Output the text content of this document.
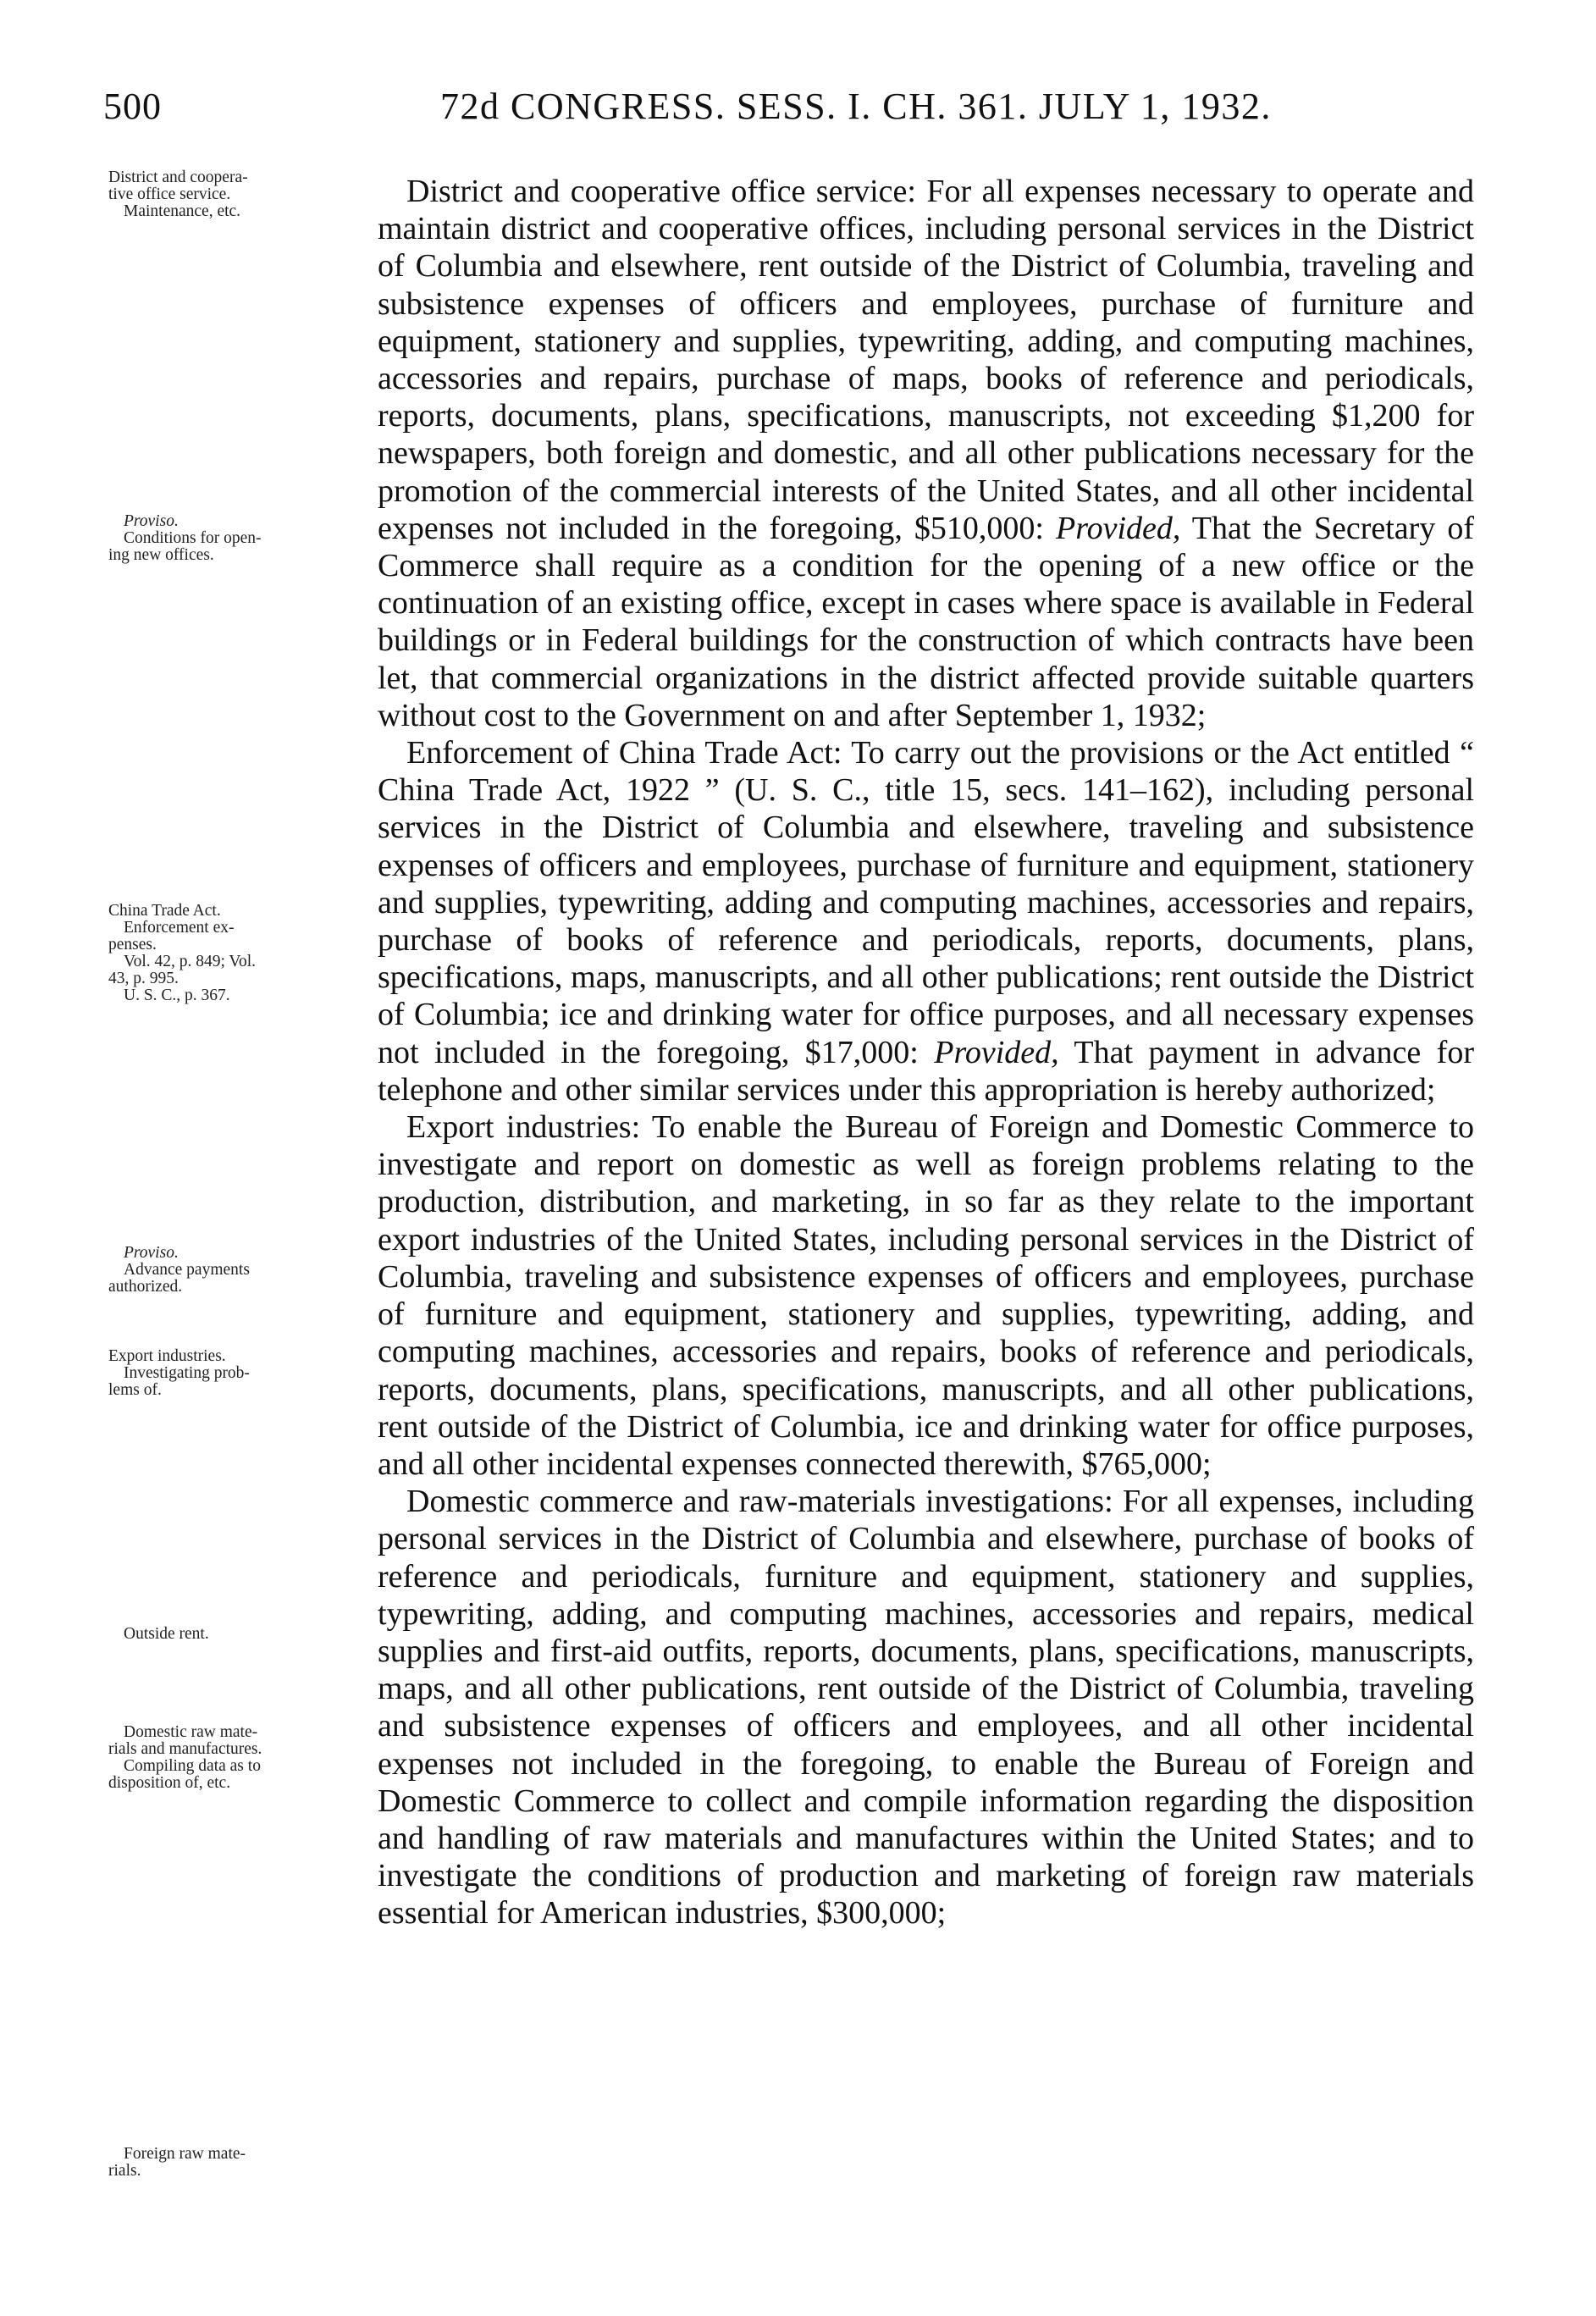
500	72d CONGRESS. SESS. I. CH. 361. JULY 1, 1932.
District and coopera-
tive office service.
Maintenance, etc.
Proviso.
Conditions for open-
ing new offices.
China Trade Act.
Enforcement ex-
penses.
Vol. 42, p. 849; Vol.
43, p. 995.
U. S. C., p. 367.
Proviso.
Advance payments
authorized.
Export industries.
Investigating prob-
lems of.
Outside rent.
Domestic raw mate-
rials and manufactures.
Compiling data as to
disposition of, etc.
Foreign raw mate-
rials.

District and cooperative office service: For all expenses necessary to operate and maintain district and cooperative offices, including personal services in the District of Columbia and elsewhere, rent outside of the District of Columbia, traveling and subsistence expenses of officers and employees, purchase of furniture and equipment, stationery and supplies, typewriting, adding, and computing machines, accessories and repairs, purchase of maps, books of reference and periodicals, reports, documents, plans, specifications, manuscripts, not exceeding $1,200 for newspapers, both foreign and domestic, and all other publications necessary for the promotion of the commercial interests of the United States, and all other incidental expenses not included in the foregoing, $510,000: Provided, That the Secretary of Commerce shall require as a condition for the opening of a new office or the continuation of an existing office, except in cases where space is available in Federal buildings or in Federal buildings for the construction of which contracts have been let, that commercial organizations in the district affected provide suitable quarters without cost to the Government on and after September 1, 1932;

Enforcement of China Trade Act: To carry out the provisions or the Act entitled “ China Trade Act, 1922 ” (U. S. C., title 15, secs. 141–162), including personal services in the District of Columbia and elsewhere, traveling and subsistence expenses of officers and employees, purchase of furniture and equipment, stationery and supplies, typewriting, adding and computing machines, accessories and repairs, purchase of books of reference and periodicals, reports, documents, plans, specifications, maps, manuscripts, and all other publications; rent outside the District of Columbia; ice and drinking water for office purposes, and all necessary expenses not included in the foregoing, $17,000: Provided, That payment in advance for telephone and other similar services under this appropriation is hereby authorized;

Export industries: To enable the Bureau of Foreign and Domestic Commerce to investigate and report on domestic as well as foreign problems relating to the production, distribution, and marketing, in so far as they relate to the important export industries of the United States, including personal services in the District of Columbia, traveling and subsistence expenses of officers and employees, purchase of furniture and equipment, stationery and supplies, typewriting, adding, and computing machines, accessories and repairs, books of reference and periodicals, reports, documents, plans, specifications, manuscripts, and all other publications, rent outside of the District of Columbia, ice and drinking water for office purposes, and all other incidental expenses connected therewith, $765,000;

Domestic commerce and raw-materials investigations: For all expenses, including personal services in the District of Columbia and elsewhere, purchase of books of reference and periodicals, furniture and equipment, stationery and supplies, typewriting, adding, and computing machines, accessories and repairs, medical supplies and first-aid outfits, reports, documents, plans, specifications, manuscripts, maps, and all other publications, rent outside of the District of Columbia, traveling and subsistence expenses of officers and employees, and all other incidental expenses not included in the foregoing, to enable the Bureau of Foreign and Domestic Commerce to collect and compile information regarding the disposition and handling of raw materials and manufactures within the United States; and to investigate the conditions of production and marketing of foreign raw materials essential for American industries, $300,000;
